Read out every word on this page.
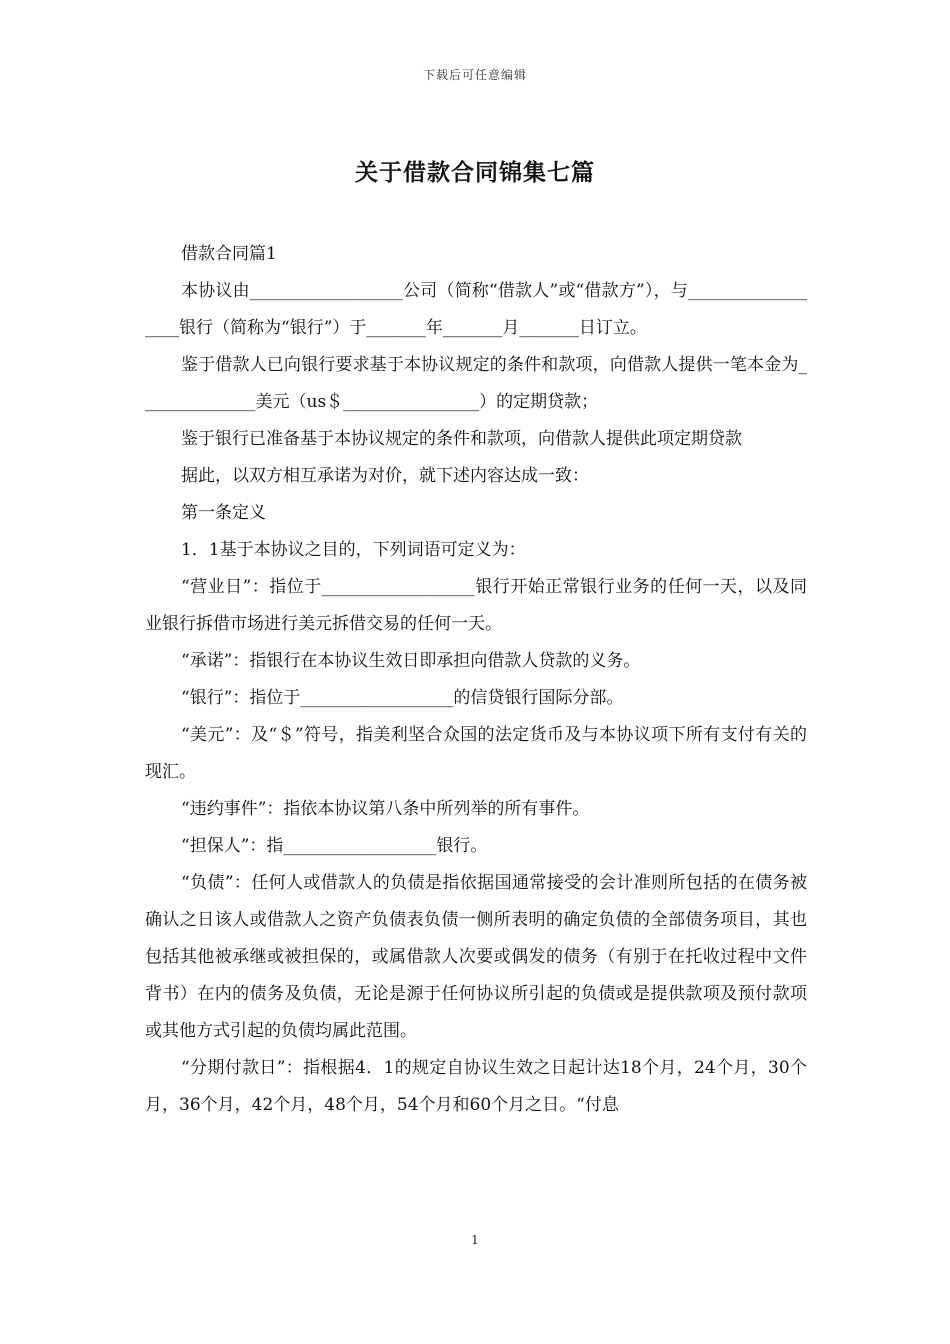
下载后可任意编辑
关于借款合同锦集七篇

借款合同篇1

本协议由__________________公司（简称“借款人”或“借款方”），与__________________银行（简称为“银行”）于_______年_______月_______日订立。

鉴于借款人已向银行要求基于本协议规定的条件和款项，向借款人提供一笔本金为______________美元（us＄________________）的定期贷款；

鉴于银行已准备基于本协议规定的条件和款项，向借款人提供此项定期贷款

据此，以双方相互承诺为对价，就下述内容达成一致：

第一条定义

1．1基于本协议之目的，下列词语可定义为：

“营业日”：指位于__________________银行开始正常银行业务的任何一天，以及同业银行拆借市场进行美元拆借交易的任何一天。

“承诺”：指银行在本协议生效日即承担向借款人贷款的义务。

“银行”：指位于__________________的信贷银行国际分部。

“美元”：及“＄”符号，指美利坚合众国的法定货币及与本协议项下所有支付有关的现汇。

“违约事件”：指依本协议第八条中所列举的所有事件。

“担保人”：指__________________银行。

“负债”：任何人或借款人的负债是指依据国通常接受的会计准则所包括的在债务被确认之日该人或借款人之资产负债表负债一侧所表明的确定负债的全部债务项目，其也包括其他被承继或被担保的，或属借款人次要或偶发的债务（有别于在托收过程中文件背书）在内的债务及负债，无论是源于任何协议所引起的负债或是提供款项及预付款项或其他方式引起的负债均属此范围。

“分期付款日”：指根据4．1的规定自协议生效之日起计达18个月，24个月，30个月，36个月，42个月，48个月，54个月和60个月之日。“付息

1
